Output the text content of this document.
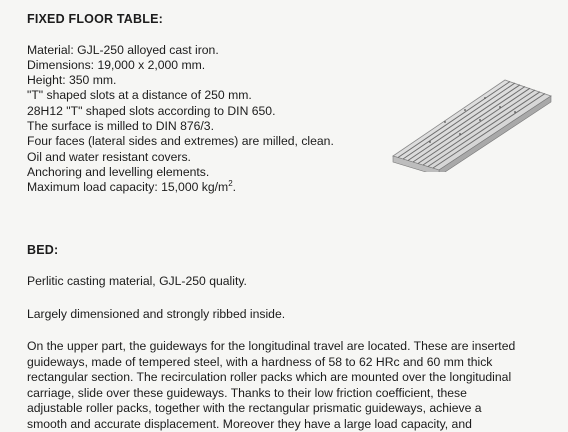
FIXED FLOOR TABLE:
Material: GJL-250 alloyed cast iron.
Dimensions: 19,000 x 2,000 mm.
Height: 350 mm.
"T" shaped slots at a distance of 250 mm.
28H12 "T" shaped slots according to DIN 650.
The surface is milled to DIN 876/3.
Four faces (lateral sides and extremes) are milled, clean.
Oil and water resistant covers.
Anchoring and levelling elements.
Maximum load capacity: 15,000 $kg/m^2$.
BED:
Perlitic casting material, GJL-250 quality.
Largely dimensioned and strongly ribbed inside.
On the upper part, the guideways for the longitudinal travel are located. These are inserted
guideways, made of tempered steel, with a hardness of 58 to 62 HRc and 60 mm thick
rectangular section. The recirculation roller packs which are mounted over the longitudinal
carriage, slide over these guideways. Thanks to their low friction coefficient, these
adjustable roller packs, together with the rectangular prismatic guideways, achieve a
smooth and accurate displacement. Moreover they have a large load capacity, and
